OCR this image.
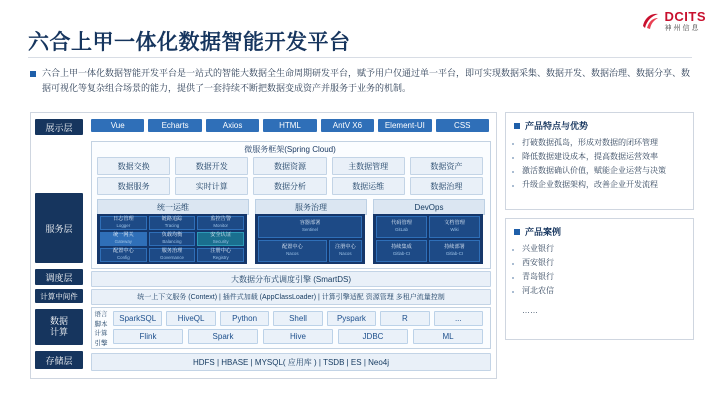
DCITS
神州信息
六合上甲一体化数据智能开发平台

六合上甲一体化数据智能开发平台是一站式的智能大数据全生命周期研发平台，赋予用户仅通过单一平台，即可实现数据采集、数据开发、数据治理、数据分享、数据可视化等复杂组合场景的能力，提供了一套持续不断把数据变成资产并服务于业务的机制。

展示层
服务层
调度层
计算中间件
数据
计算
存储层
Vue	Echarts	Axios	HTML	AntV X6	Element-UI	CSS
微服务框架(Spring Cloud)
数据交换	数据开发	数据资源	主数据管理	数据资产
数据服务	实时计算	数据分析	数据运维	数据治理
统一运维
日志管理
Logger
链路追踪
Tracing
监控告警
Monitor
统一网关
Gateway
负载均衡
Balancing
安全认证
Security
配置中心
Config
服务治理
Governance
注册中心
Registry
服务治理
容器部署
Sentinel
配置中心
Nacos
注册中心
Nacos
DevOps
代码管理
GitLab
文档管理
Wiki
持续集成
Gitlab-CI
持续部署
Gitlab-CI
大数据分布式调度引擎 (SmartDS)
统一上下文服务 (Context) | 插件式加载 (AppClassLoader) | 计算引擎适配 资源管理 多租户流量控制
语言
脚本
计算
引擎
SparkSQL	HiveQL	Python	Shell	Pyspark	R	...
Flink	Spark	Hive	JDBC	ML
HDFS | HBASE | MYSQL( 应用库 ) | TSDB | ES | Neo4j
产品特点与优势
• 打破数据孤岛，形成对数据的闭环管理
• 降低数据建设成本，提高数据运营效率
• 激活数据确认价值，赋能企业运营与决策
• 升级企业数据架构，改善企业开发流程
产品案例
• 兴业银行
• 西安银行
• 青岛银行
• 河北农信
……
